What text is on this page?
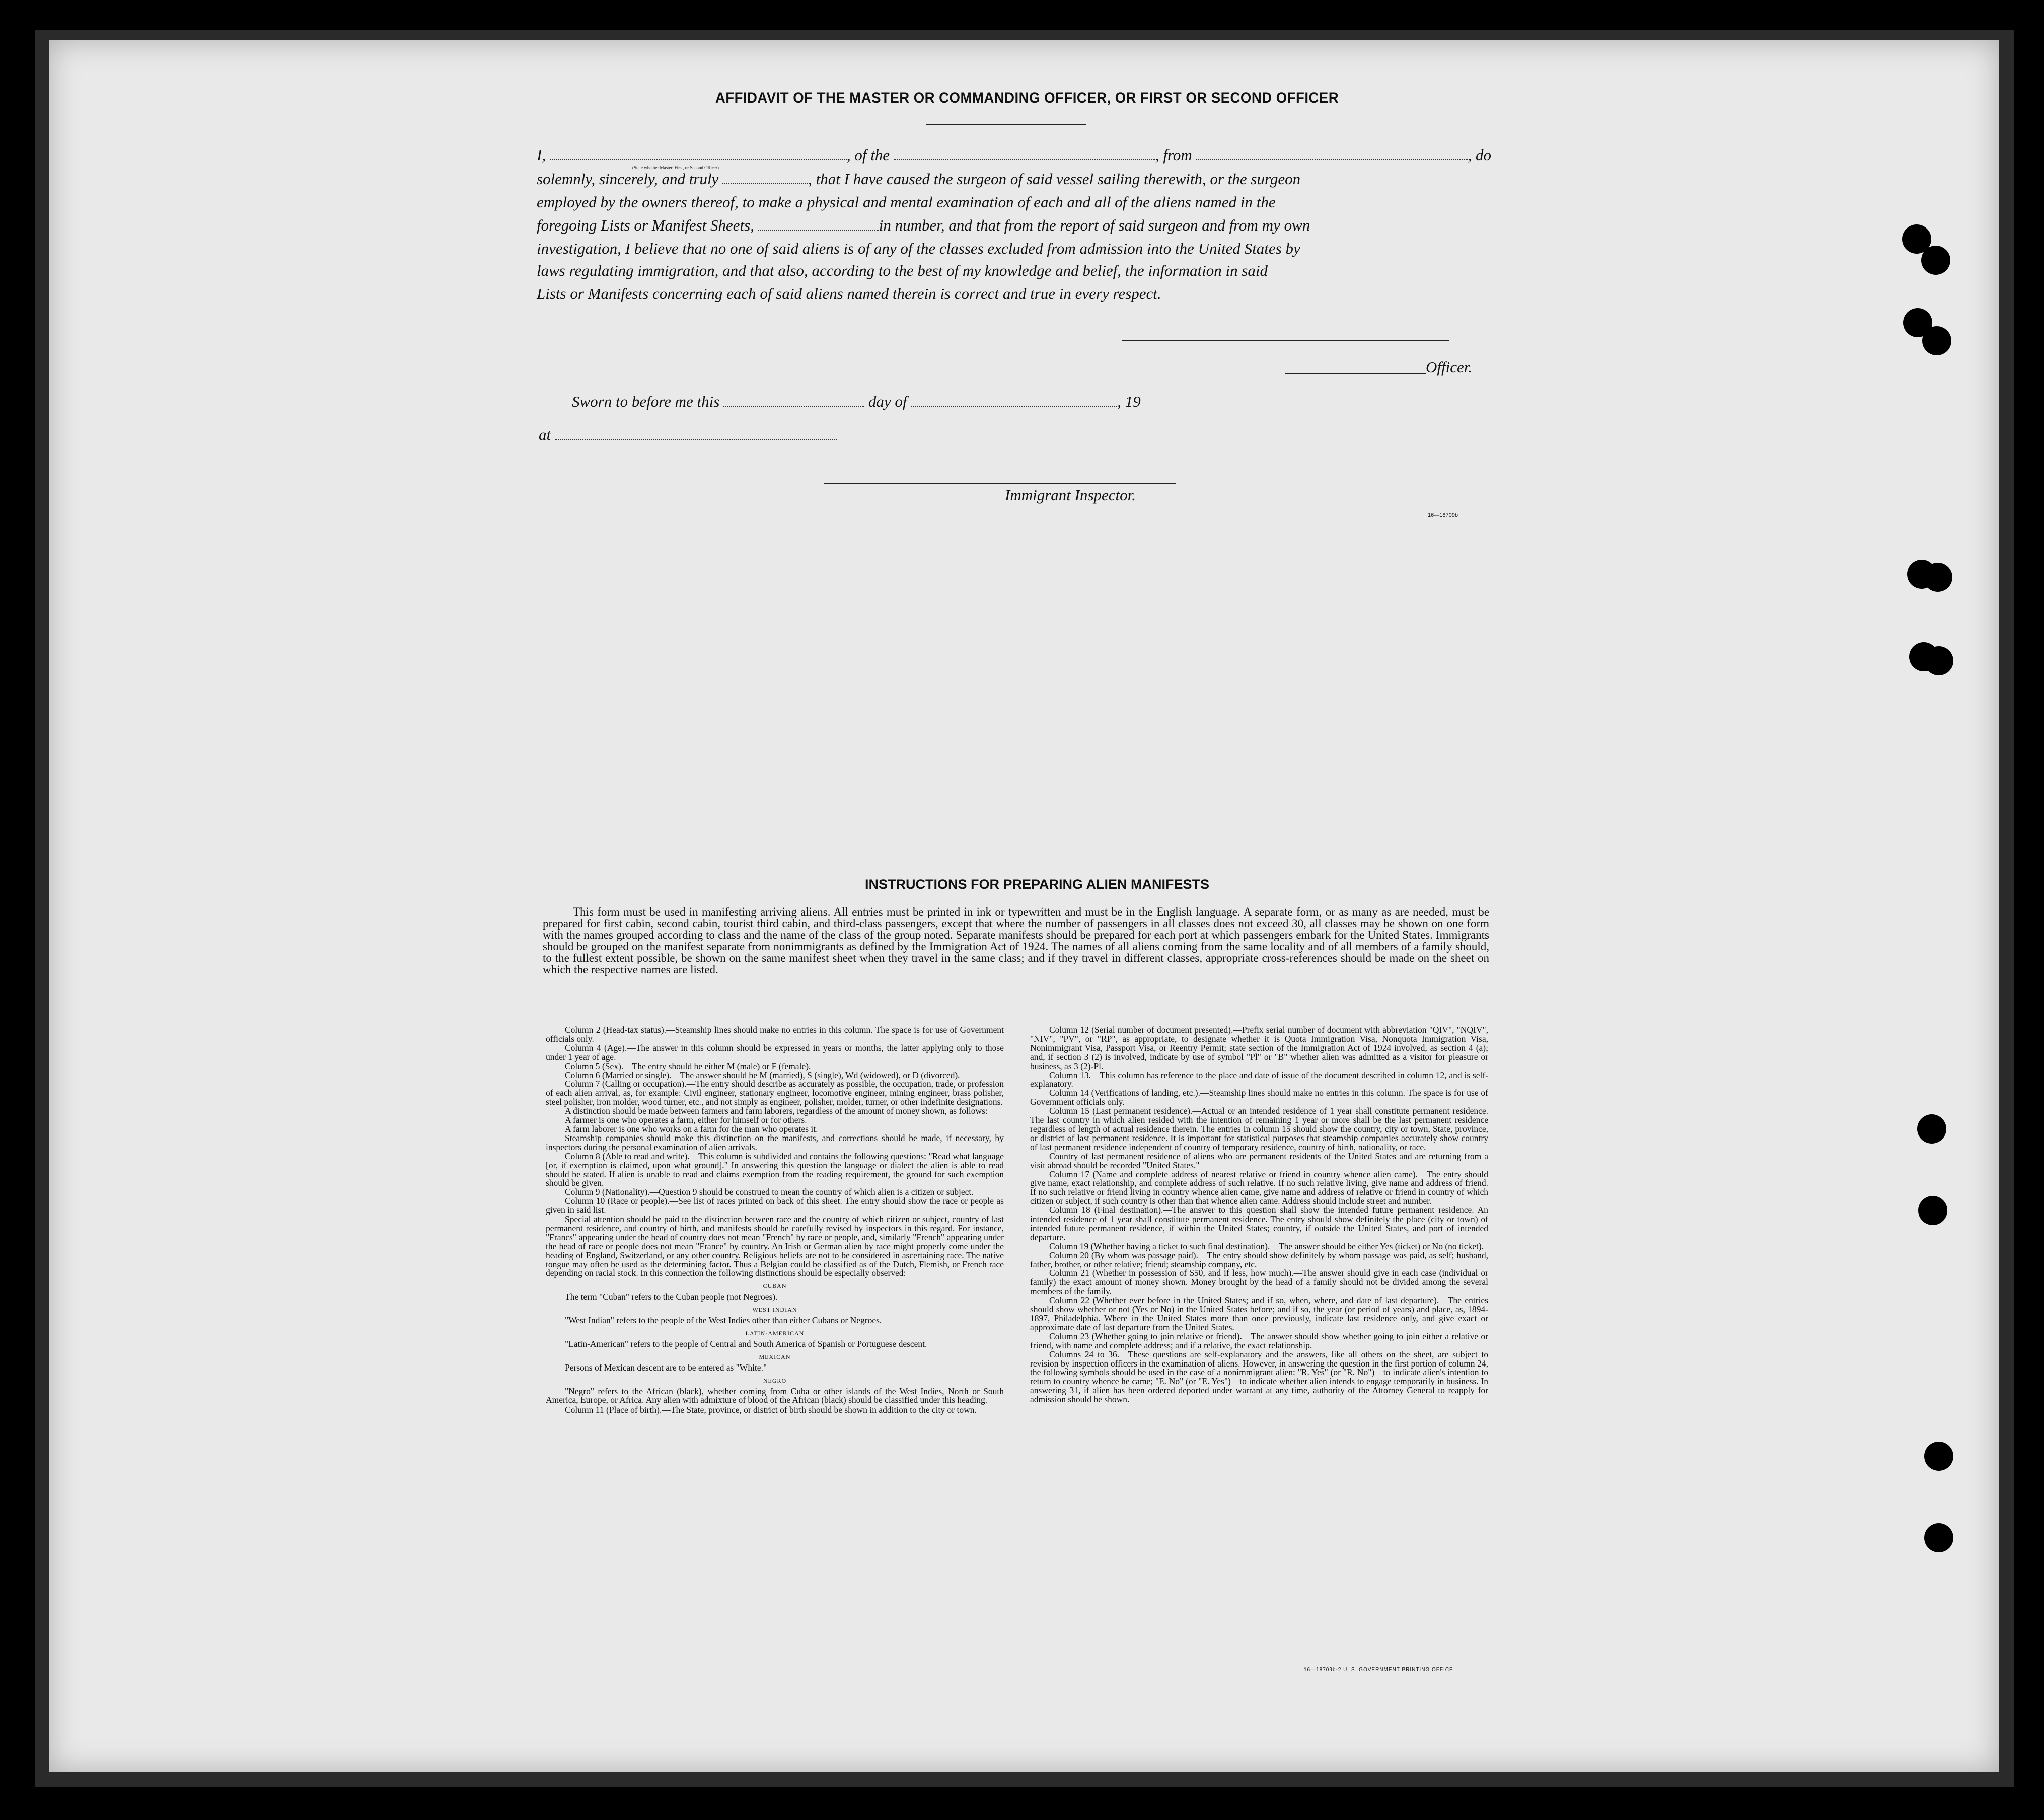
AFFIDAVIT OF THE MASTER OR COMMANDING OFFICER, OR FIRST OR SECOND OFFICER
I,	, of the	, from	, do
(State whether Master, First, or Second Officer)
solemnly, sincerely, and truly	, that I have caused the surgeon of said vessel sailing therewith, or the surgeon
employed by the owners thereof, to make a physical and mental examination of each and all of the aliens named in the
foregoing Lists or Manifest Sheets,	in number, and that from the report of said surgeon and from my own
investigation, I believe that no one of said aliens is of any of the classes excluded from admission into the United States by
laws regulating immigration, and that also, according to the best of my knowledge and belief, the information in said
Lists or Manifests concerning each of said aliens named therein is correct and true in every respect.
Officer.
Sworn to before me this	day of	, 19
at
Immigrant Inspector.
16—18709b
INSTRUCTIONS FOR PREPARING ALIEN MANIFESTS
This form must be used in manifesting arriving aliens. All entries must be printed in ink or typewritten and must be in the English language. A separate form, or as many as are needed, must be prepared for first cabin, second cabin, tourist third cabin, and third-class passengers, except that where the number of passengers in all classes does not exceed 30, all classes may be shown on one form with the names grouped according to class and the name of the class of the group noted. Separate manifests should be prepared for each port at which passengers embark for the United States. Immigrants should be grouped on the manifest separate from nonimmigrants as defined by the Immigration Act of 1924. The names of all aliens coming from the same locality and of all members of a family should, to the fullest extent possible, be shown on the same manifest sheet when they travel in the same class; and if they travel in different classes, appropriate cross-references should be made on the sheet on which the respective names are listed.

Column 2 (Head-tax status).—Steamship lines should make no entries in this column. The space is for use of Government officials only.

Column 4 (Age).—The answer in this column should be expressed in years or months, the latter applying only to those under 1 year of age.

Column 5 (Sex).—The entry should be either M (male) or F (female).

Column 6 (Married or single).—The answer should be M (married), S (single), Wd (widowed), or D (divorced).

Column 7 (Calling or occupation).—The entry should describe as accurately as possible, the occupation, trade, or profession of each alien arrival, as, for example: Civil engineer, stationary engineer, locomotive engineer, mining engineer, brass polisher, steel polisher, iron molder, wood turner, etc., and not simply as engineer, polisher, molder, turner, or other indefinite designations.

A distinction should be made between farmers and farm laborers, regardless of the amount of money shown, as follows:

A farmer is one who operates a farm, either for himself or for others.

A farm laborer is one who works on a farm for the man who operates it.

Steamship companies should make this distinction on the manifests, and corrections should be made, if necessary, by inspectors during the personal examination of alien arrivals.

Column 8 (Able to read and write).—This column is subdivided and contains the following questions: "Read what language [or, if exemption is claimed, upon what ground]." In answering this question the language or dialect the alien is able to read should be stated. If alien is unable to read and claims exemption from the reading requirement, the ground for such exemption should be given.

Column 9 (Nationality).—Question 9 should be construed to mean the country of which alien is a citizen or subject.

Column 10 (Race or people).—See list of races printed on back of this sheet. The entry should show the race or people as given in said list.

Special attention should be paid to the distinction between race and the country of which citizen or subject, country of last permanent residence, and country of birth, and manifests should be carefully revised by inspectors in this regard. For instance, "Francs" appearing under the head of country does not mean "French" by race or people, and, similarly "French" appearing under the head of race or people does not mean "France" by country. An Irish or German alien by race might properly come under the heading of England, Switzerland, or any other country. Religious beliefs are not to be considered in ascertaining race. The native tongue may often be used as the determining factor. Thus a Belgian could be classified as of the Dutch, Flemish, or French race depending on racial stock. In this connection the following distinctions should be especially observed:

CUBAN

The term "Cuban" refers to the Cuban people (not Negroes).

WEST INDIAN

"West Indian" refers to the people of the West Indies other than either Cubans or Negroes.

LATIN-AMERICAN

"Latin-American" refers to the people of Central and South America of Spanish or Portuguese descent.

MEXICAN

Persons of Mexican descent are to be entered as "White."

NEGRO

"Negro" refers to the African (black), whether coming from Cuba or other islands of the West Indies, North or South America, Europe, or Africa. Any alien with admixture of blood of the African (black) should be classified under this heading.

Column 11 (Place of birth).—The State, province, or district of birth should be shown in addition to the city or town.

Column 12 (Serial number of document presented).—Prefix serial number of document with abbreviation "QIV", "NQIV", "NIV", "PV", or "RP", as appropriate, to designate whether it is Quota Immigration Visa, Nonquota Immigration Visa, Nonimmigrant Visa, Passport Visa, or Reentry Permit; state section of the Immigration Act of 1924 involved, as section 4 (a); and, if section 3 (2) is involved, indicate by use of symbol "Pl" or "B" whether alien was admitted as a visitor for pleasure or business, as 3 (2)-Pl.

Column 13.—This column has reference to the place and date of issue of the document described in column 12, and is self-explanatory.

Column 14 (Verifications of landing, etc.).—Steamship lines should make no entries in this column. The space is for use of Government officials only.

Column 15 (Last permanent residence).—Actual or an intended residence of 1 year shall constitute permanent residence. The last country in which alien resided with the intention of remaining 1 year or more shall be the last permanent residence regardless of length of actual residence therein. The entries in column 15 should show the country, city or town, State, province, or district of last permanent residence. It is important for statistical purposes that steamship companies accurately show country of last permanent residence independent of country of temporary residence, country of birth, nationality, or race.

Country of last permanent residence of aliens who are permanent residents of the United States and are returning from a visit abroad should be recorded "United States."

Column 17 (Name and complete address of nearest relative or friend in country whence alien came).—The entry should give name, exact relationship, and complete address of such relative. If no such relative living, give name and address of friend. If no such relative or friend living in country whence alien came, give name and address of relative or friend in country of which citizen or subject, if such country is other than that whence alien came. Address should include street and number.

Column 18 (Final destination).—The answer to this question shall show the intended future permanent residence. An intended residence of 1 year shall constitute permanent residence. The entry should show definitely the place (city or town) of intended future permanent residence, if within the United States; country, if outside the United States, and port of intended departure.

Column 19 (Whether having a ticket to such final destination).—The answer should be either Yes (ticket) or No (no ticket).

Column 20 (By whom was passage paid).—The entry should show definitely by whom passage was paid, as self; husband, father, brother, or other relative; friend; steamship company, etc.

Column 21 (Whether in possession of $50, and if less, how much).—The answer should give in each case (individual or family) the exact amount of money shown. Money brought by the head of a family should not be divided among the several members of the family.

Column 22 (Whether ever before in the United States; and if so, when, where, and date of last departure).—The entries should show whether or not (Yes or No) in the United States before; and if so, the year (or period of years) and place, as, 1894-1897, Philadelphia. Where in the United States more than once previously, indicate last residence only, and give exact or approximate date of last departure from the United States.

Column 23 (Whether going to join relative or friend).—The answer should show whether going to join either a relative or friend, with name and complete address; and if a relative, the exact relationship.

Columns 24 to 36.—These questions are self-explanatory and the answers, like all others on the sheet, are subject to revision by inspection officers in the examination of aliens. However, in answering the question in the first portion of column 24, the following symbols should be used in the case of a nonimmigrant alien: "R. Yes" (or "R. No")—to indicate alien's intention to return to country whence he came; "E. No" (or "E. Yes")—to indicate whether alien intends to engage temporarily in business. In answering 31, if alien has been ordered deported under warrant at any time, authority of the Attorney General to reapply for admission should be shown.

16—18709b-2 U. S. GOVERNMENT PRINTING OFFICE
